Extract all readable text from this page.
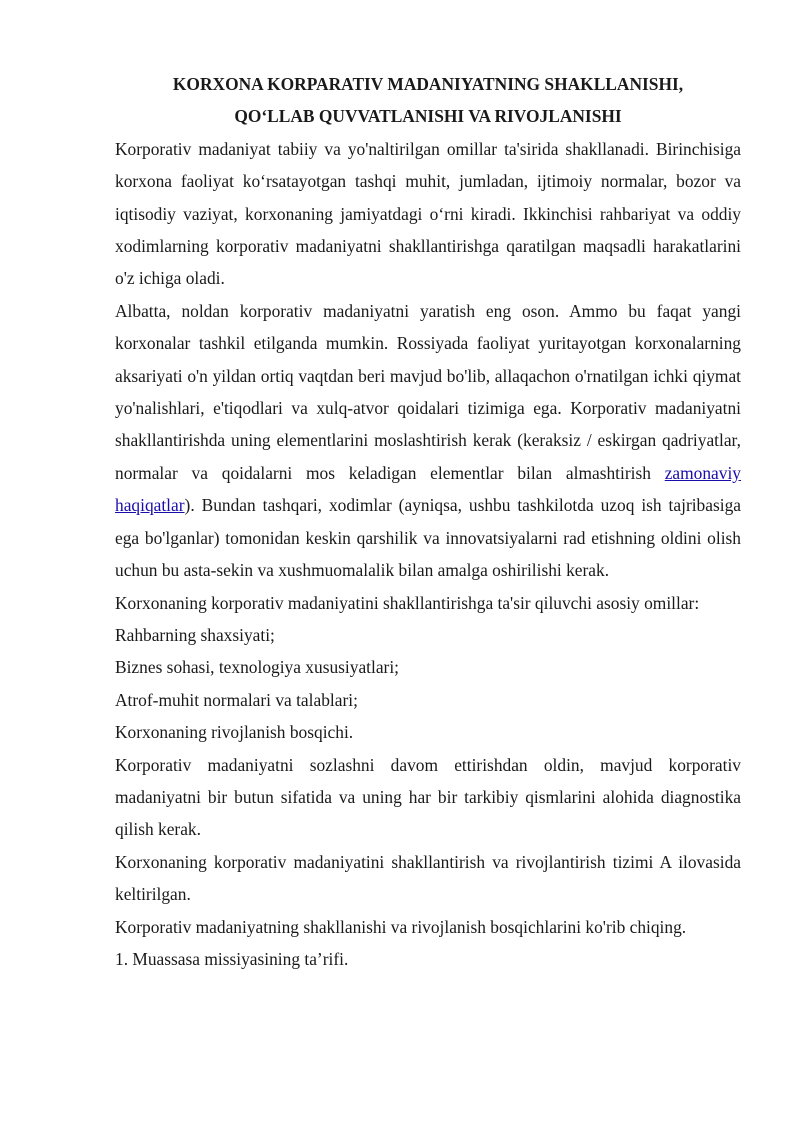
KORXONA KORPARATIV MADANIYATNING SHAKLLANISHI,
QO‘LLAB QUVVATLANISHI VA RIVOJLANISHI

Korporativ madaniyat tabiiy va yo'naltirilgan omillar ta'sirida shakllanadi. Birinchisiga korxona faoliyat ko‘rsatayotgan tashqi muhit, jumladan, ijtimoiy normalar, bozor va iqtisodiy vaziyat, korxonaning jamiyatdagi o‘rni kiradi. Ikkinchisi rahbariyat va oddiy xodimlarning korporativ madaniyatni shakllantirishga qaratilgan maqsadli harakatlarini o'z ichiga oladi.

Albatta, noldan korporativ madaniyatni yaratish eng oson. Ammo bu faqat yangi korxonalar tashkil etilganda mumkin. Rossiyada faoliyat yuritayotgan korxonalarning aksariyati o'n yildan ortiq vaqtdan beri mavjud bo'lib, allaqachon o'rnatilgan ichki qiymat yo'nalishlari, e'tiqodlari va xulq-atvor qoidalari tizimiga ega. Korporativ madaniyatni shakllantirishda uning elementlarini moslashtirish kerak (keraksiz / eskirgan qadriyatlar, normalar va qoidalarni mos keladigan elementlar bilan almashtirish zamonaviy haqiqatlar). Bundan tashqari, xodimlar (ayniqsa, ushbu tashkilotda uzoq ish tajribasiga ega bo'lganlar) tomonidan keskin qarshilik va innovatsiyalarni rad etishning oldini olish uchun bu asta-sekin va xushmuomalalik bilan amalga oshirilishi kerak.

Korxonaning korporativ madaniyatini shakllantirishga ta'sir qiluvchi asosiy omillar:

Rahbarning shaxsiyati;

Biznes sohasi, texnologiya xususiyatlari;

Atrof-muhit normalari va talablari;

Korxonaning rivojlanish bosqichi.

Korporativ madaniyatni sozlashni davom ettirishdan oldin, mavjud korporativ madaniyatni bir butun sifatida va uning har bir tarkibiy qismlarini alohida diagnostika qilish kerak.

Korxonaning korporativ madaniyatini shakllantirish va rivojlantirish tizimi A ilovasida keltirilgan.

Korporativ madaniyatning shakllanishi va rivojlanish bosqichlarini ko'rib chiqing.

1. Muassasa missiyasining ta’rifi.
